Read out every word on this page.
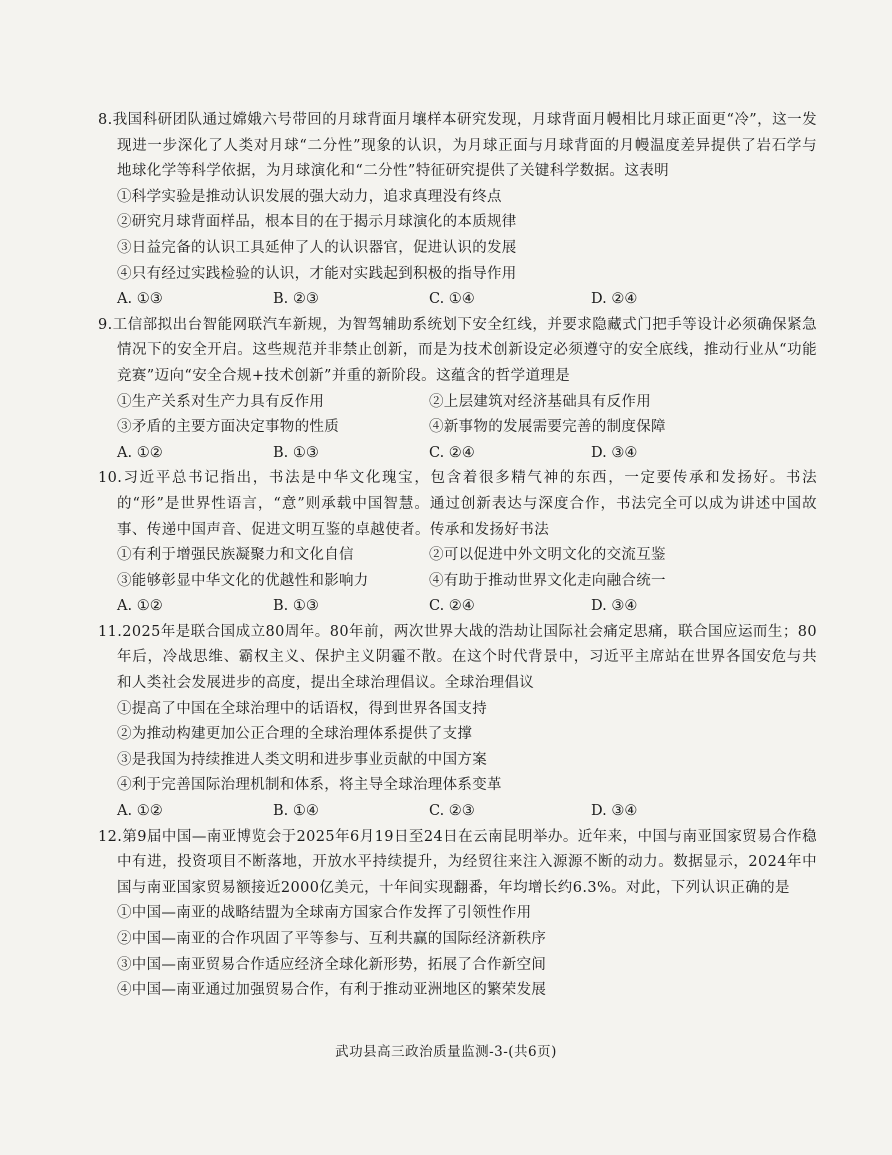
8.我国科研团队通过嫦娥六号带回的月球背面月壤样本研究发现，月球背面月幔相比月球正面更“冷”，这一发现进一步深化了人类对月球“二分性”现象的认识，为月球正面与月球背面的月幔温度差异提供了岩石学与地球化学等科学依据，为月球演化和“二分性”特征研究提供了关键科学数据。这表明
①科学实验是推动认识发展的强大动力，追求真理没有终点
②研究月球背面样品，根本目的在于揭示月球演化的本质规律
③日益完备的认识工具延伸了人的认识器官，促进认识的发展
④只有经过实践检验的认识，才能对实践起到积极的指导作用
A. ①③	B. ②③	C. ①④	D. ②④
9.工信部拟出台智能网联汽车新规，为智驾辅助系统划下安全红线，并要求隐藏式门把手等设计必须确保紧急情况下的安全开启。这些规范并非禁止创新，而是为技术创新设定必须遵守的安全底线，推动行业从“功能竞赛”迈向“安全合规+技术创新”并重的新阶段。这蕴含的哲学道理是
①生产关系对生产力具有反作用	②上层建筑对经济基础具有反作用
③矛盾的主要方面决定事物的性质	④新事物的发展需要完善的制度保障
A. ①②	B. ①③	C. ②④	D. ③④
10.习近平总书记指出，书法是中华文化瑰宝，包含着很多精气神的东西，一定要传承和发扬好。书法的“形”是世界性语言，“意”则承载中国智慧。通过创新表达与深度合作，书法完全可以成为讲述中国故事、传递中国声音、促进文明互鉴的卓越使者。传承和发扬好书法
①有利于增强民族凝聚力和文化自信	②可以促进中外文明文化的交流互鉴
③能够彰显中华文化的优越性和影响力	④有助于推动世界文化走向融合统一
A. ①②	B. ①③	C. ②④	D. ③④
11.2025年是联合国成立80周年。80年前，两次世界大战的浩劫让国际社会痛定思痛，联合国应运而生；80年后，冷战思维、霸权主义、保护主义阴霾不散。在这个时代背景中，习近平主席站在世界各国安危与共和人类社会发展进步的高度，提出全球治理倡议。全球治理倡议
①提高了中国在全球治理中的话语权，得到世界各国支持
②为推动构建更加公正合理的全球治理体系提供了支撑
③是我国为持续推进人类文明和进步事业贡献的中国方案
④利于完善国际治理机制和体系，将主导全球治理体系变革
A. ①②	B. ①④	C. ②③	D. ③④
12.第9届中国—南亚博览会于2025年6月19日至24日在云南昆明举办。近年来，中国与南亚国家贸易合作稳中有进，投资项目不断落地，开放水平持续提升，为经贸往来注入源源不断的动力。数据显示，2024年中国与南亚国家贸易额接近2000亿美元，十年间实现翻番，年均增长约6.3%。对此，下列认识正确的是
①中国—南亚的战略结盟为全球南方国家合作发挥了引领性作用
②中国—南亚的合作巩固了平等参与、互利共赢的国际经济新秩序
③中国—南亚贸易合作适应经济全球化新形势，拓展了合作新空间
④中国—南亚通过加强贸易合作，有利于推动亚洲地区的繁荣发展
武功县高三政治质量监测-3-(共6页)
